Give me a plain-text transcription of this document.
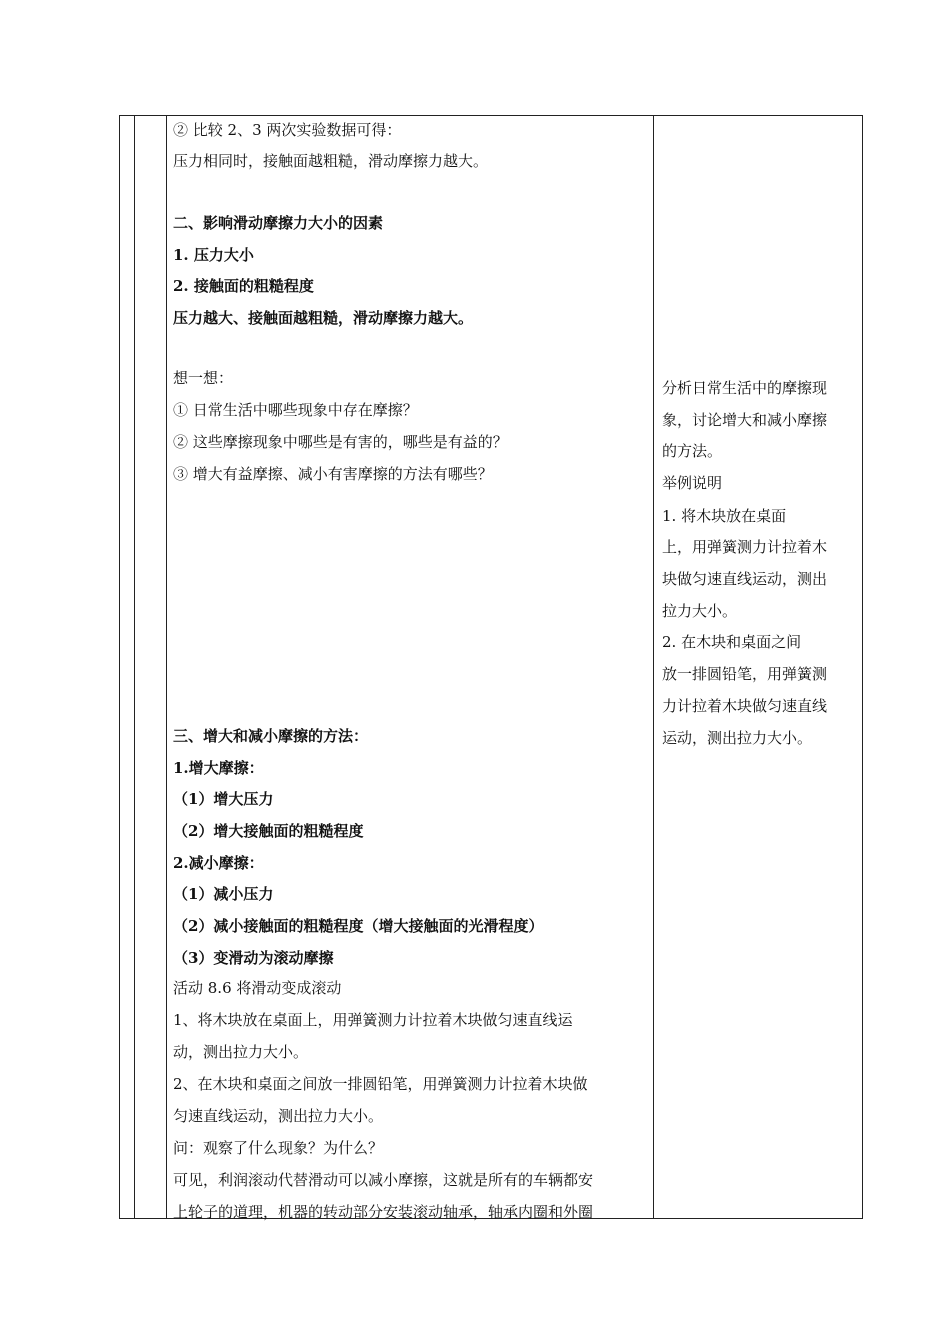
② 比较 2、3 两次实验数据可得：
压力相同时，接触面越粗糙，滑动摩擦力越大。
二、影响滑动摩擦力大小的因素
1. 压力大小
2. 接触面的粗糙程度
压力越大、接触面越粗糙，滑动摩擦力越大。
想一想：
① 日常生活中哪些现象中存在摩擦？
② 这些摩擦现象中哪些是有害的，哪些是有益的？
③ 增大有益摩擦、减小有害摩擦的方法有哪些？
三、增大和减小摩擦的方法：
1.增大摩擦：
（1）增大压力
（2）增大接触面的粗糙程度
2.减小摩擦：
（1）减小压力
（2）减小接触面的粗糙程度（增大接触面的光滑程度）
（3）变滑动为滚动摩擦
活动 8.6 将滑动变成滚动
1、将木块放在桌面上，用弹簧测力计拉着木块做匀速直线运
动，测出拉力大小。
2、在木块和桌面之间放一排圆铅笔，用弹簧测力计拉着木块做
匀速直线运动，测出拉力大小。
问：观察了什么现象？为什么？
可见，利润滚动代替滑动可以减小摩擦，这就是所有的车辆都安
上轮子的道理，机器的转动部分安装滚动轴承，轴承内圈和外圈
分析日常生活中的摩擦现
象，讨论增大和减小摩擦
的方法。
举例说明
1. 将木块放在桌面
上，用弹簧测力计拉着木
块做匀速直线运动，测出
拉力大小。
2. 在木块和桌面之间
放一排圆铅笔，用弹簧测
力计拉着木块做匀速直线
运动，测出拉力大小。
